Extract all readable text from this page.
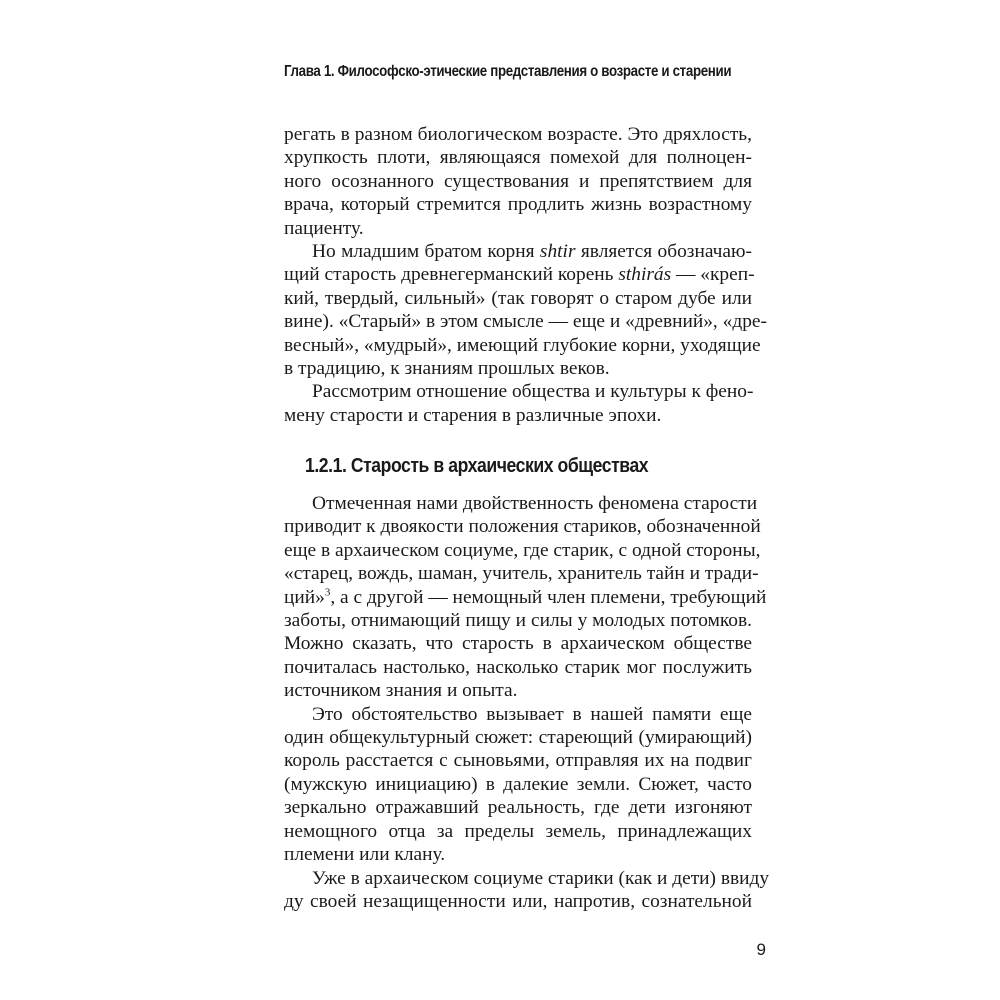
Глава 1. Философско-этические представления о возрасте и старении

регать в разном биологическом возрасте. Это дряхлость,
хрупкость плоти, являющаяся помехой для полноцен-
ного осознанного существования и препятствием для
врача, который стремится продлить жизнь возрастному
пациенту.

Но младшим братом корня shtir является обозначаю-
щий старость древнегерманский корень sthirás — «креп-
кий, твердый, сильный» (так говорят о старом дубе или
вине). «Старый» в этом смысле — еще и «древний», «дре-
весный», «мудрый», имеющий глубокие корни, уходящие
в традицию, к знаниям прошлых веков.

Рассмотрим отношение общества и культуры к фено-
мену старости и старения в различные эпохи.

1.2.1. Старость в архаических обществах

Отмеченная нами двойственность феномена старости
приводит к двоякости положения стариков, обозначенной
еще в архаическом социуме, где старик, с одной стороны,
«старец, вождь, шаман, учитель, хранитель тайн и тради-
ций»$^3$, а с другой — немощный член племени, требующий
заботы, отнимающий пищу и силы у молодых потомков.
Можно сказать, что старость в архаическом обществе
почиталась настолько, насколько старик мог послужить
источником знания и опыта.

Это обстоятельство вызывает в нашей памяти еще
один общекультурный сюжет: стареющий (умирающий)
король расстается с сыновьями, отправляя их на подвиг
(мужскую инициацию) в далекие земли. Сюжет, часто
зеркально отражавший реальность, где дети изгоняют
немощного отца за пределы земель, принадлежащих
племени или клану.

Уже в архаическом социуме старики (как и дети) ввиду
ду своей незащищенности или, напротив, сознательной

9
